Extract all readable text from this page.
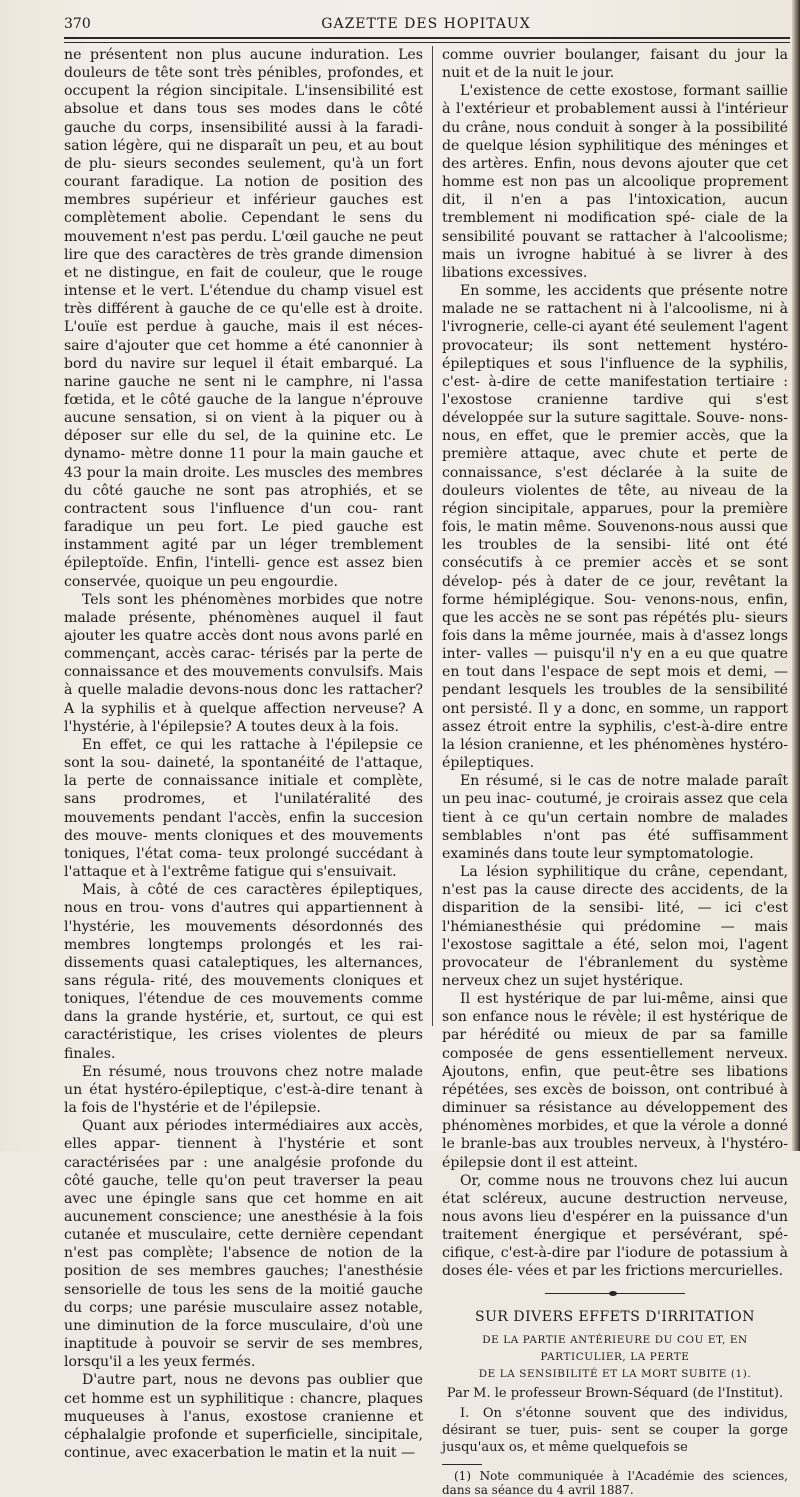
370	GAZETTE DES HOPITAUX

ne présentent non plus aucune induration. Les douleurs de tête sont très pénibles, profondes, et occupent la région sincipitale. L'insensibilité est absolue et dans tous ses modes dans le côté gauche du corps, insensibilité aussi à la faradi- sation légère, qui ne disparaît un peu, et au bout de plu- sieurs secondes seulement, qu'à un fort courant faradique. La notion de position des membres supérieur et inférieur gauches est complètement abolie. Cependant le sens du mouvement n'est pas perdu. L'œil gauche ne peut lire que des caractères de très grande dimension et ne distingue, en fait de couleur, que le rouge intense et le vert. L'étendue du champ visuel est très différent à gauche de ce qu'elle est à droite. L'ouïe est perdue à gauche, mais il est néces- saire d'ajouter que cet homme a été canonnier à bord du navire sur lequel il était embarqué. La narine gauche ne sent ni le camphre, ni l'assa fœtida, et le côté gauche de la langue n'éprouve aucune sensation, si on vient à la piquer ou à déposer sur elle du sel, de la quinine etc. Le dynamo- mètre donne 11 pour la main gauche et 43 pour la main droite. Les muscles des membres du côté gauche ne sont pas atrophiés, et se contractent sous l'influence d'un cou- rant faradique un peu fort. Le pied gauche est instamment agité par un léger tremblement épileptoïde. Enfin, l'intelli- gence est assez bien conservée, quoique un peu engourdie.

Tels sont les phénomènes morbides que notre malade présente, phénomènes auquel il faut ajouter les quatre accès dont nous avons parlé en commençant, accès carac- térisés par la perte de connaissance et des mouvements convulsifs. Mais à quelle maladie devons-nous donc les rattacher? A la syphilis et à quelque affection nerveuse? A l'hystérie, à l'épilepsie? A toutes deux à la fois.

En effet, ce qui les rattache à l'épilepsie ce sont la sou- daineté, la spontanéité de l'attaque, la perte de connaissance initiale et complète, sans prodromes, et l'unilatéralité des mouvements pendant l'accès, enfin la succesion des mouve- ments cloniques et des mouvements toniques, l'état coma- teux prolongé succédant à l'attaque et à l'extrême fatigue qui s'ensuivait.

Mais, à côté de ces caractères épileptiques, nous en trou- vons d'autres qui appartiennent à l'hystérie, les mouvements désordonnés des membres longtemps prolongés et les rai- dissements quasi cataleptiques, les alternances, sans régula- rité, des mouvements cloniques et toniques, l'étendue de ces mouvements comme dans la grande hystérie, et, surtout, ce qui est caractéristique, les crises violentes de pleurs finales.

En résumé, nous trouvons chez notre malade un état hystéro-épileptique, c'est-à-dire tenant à la fois de l'hystérie et de l'épilepsie.

Quant aux périodes intermédiaires aux accès, elles appar- tiennent à l'hystérie et sont caractérisées par : une analgésie profonde du côté gauche, telle qu'on peut traverser la peau avec une épingle sans que cet homme en ait aucunement conscience; une anesthésie à la fois cutanée et musculaire, cette dernière cependant n'est pas complète; l'absence de notion de la position de ses membres gauches; l'anesthésie sensorielle de tous les sens de la moitié gauche du corps; une parésie musculaire assez notable, une diminution de la force musculaire, d'où une inaptitude à pouvoir se servir de ses membres, lorsqu'il a les yeux fermés.

D'autre part, nous ne devons pas oublier que cet homme est un syphilitique : chancre, plaques muqueuses à l'anus, exostose cranienne et céphalalgie profonde et superficielle, sincipitale, continue, avec exacerbation le matin et la nuit —

comme ouvrier boulanger, faisant du jour la nuit et de la nuit le jour.

L'existence de cette exostose, formant saillie à l'extérieur et probablement aussi à l'intérieur du crâne, nous conduit à songer à la possibilité de quelque lésion syphilitique des méninges et des artères. Enfin, nous devons ajouter que cet homme est non pas un alcoolique proprement dit, il n'en a pas l'intoxication, aucun tremblement ni modification spé- ciale de la sensibilité pouvant se rattacher à l'alcoolisme; mais un ivrogne habitué à se livrer à des libations excessives.

En somme, les accidents que présente notre malade ne se rattachent ni à l'alcoolisme, ni à l'ivrognerie, celle-ci ayant été seulement l'agent provocateur; ils sont nettement hystéro-épileptiques et sous l'influence de la syphilis, c'est- à-dire de cette manifestation tertiaire : l'exostose cranienne tardive qui s'est développée sur la suture sagittale. Souve- nons-nous, en effet, que le premier accès, que la première attaque, avec chute et perte de connaissance, s'est déclarée à la suite de douleurs violentes de tête, au niveau de la région sincipitale, apparues, pour la première fois, le matin même. Souvenons-nous aussi que les troubles de la sensibi- lité ont été consécutifs à ce premier accès et se sont dévelop- pés à dater de ce jour, revêtant la forme hémiplégique. Sou- venons-nous, enfin, que les accès ne se sont pas répétés plu- sieurs fois dans la même journée, mais à d'assez longs inter- valles — puisqu'il n'y en a eu que quatre en tout dans l'espace de sept mois et demi, — pendant lesquels les troubles de la sensibilité ont persisté. Il y a donc, en somme, un rapport assez étroit entre la syphilis, c'est-à-dire entre la lésion cranienne, et les phénomènes hystéro-épileptiques.

En résumé, si le cas de notre malade paraît un peu inac- coutumé, je croirais assez que cela tient à ce qu'un certain nombre de malades semblables n'ont pas été suffisamment examinés dans toute leur symptomatologie.

La lésion syphilitique du crâne, cependant, n'est pas la cause directe des accidents, de la disparition de la sensibi- lité, — ici c'est l'hémianesthésie qui prédomine — mais l'exostose sagittale a été, selon moi, l'agent provocateur de l'ébranlement du système nerveux chez un sujet hystérique.

Il est hystérique de par lui-même, ainsi que son enfance nous le révèle; il est hystérique de par hérédité ou mieux de par sa famille composée de gens essentiellement nerveux. Ajoutons, enfin, que peut-être ses libations répétées, ses excès de boisson, ont contribué à diminuer sa résistance au développement des phénomènes morbides, et que la vérole a donné le branle-bas aux troubles nerveux, à l'hystéro- épilepsie dont il est atteint.

Or, comme nous ne trouvons chez lui aucun état scléreux, aucune destruction nerveuse, nous avons lieu d'espérer en la puissance d'un traitement énergique et persévérant, spé- cifique, c'est-à-dire par l'iodure de potassium à doses éle- vées et par les frictions mercurielles.

SUR DIVERS EFFETS D'IRRITATION
DE LA PARTIE ANTÉRIEURE DU COU ET, EN PARTICULIER, LA PERTE
DE LA SENSIBILITÉ ET LA MORT SUBITE (1).
Par M. le professeur Brown-Séquard (de l'Institut).

I. On s'étonne souvent que des individus, désirant se tuer, puis- sent se couper la gorge jusqu'aux os, et même quelquefois se

(1) Note communiquée à l'Académie des sciences, dans sa séance du 4 avril 1887.
